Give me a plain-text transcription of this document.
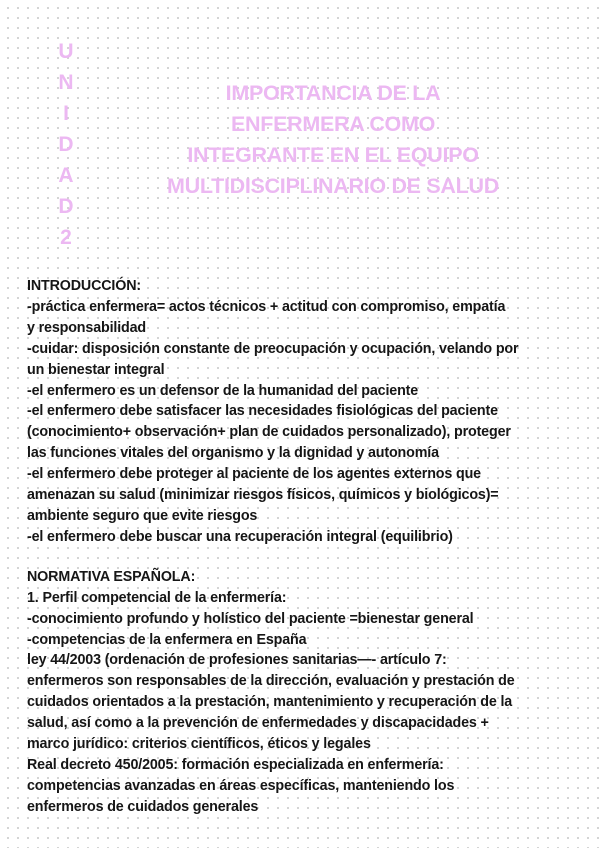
U
N
I
D
A
D
2
IMPORTANCIA DE LA
ENFERMERA COMO
INTEGRANTE EN EL EQUIPO
MULTIDISCIPLINARIO DE SALUD
INTRODUCCIÓN:
-práctica enfermera= actos técnicos + actitud con compromiso, empatía
y responsabilidad
-cuidar: disposición constante de preocupación y ocupación, velando por
un bienestar integral
-el enfermero es un defensor de la humanidad del paciente
-el enfermero debe satisfacer las necesidades fisiológicas del paciente
(conocimiento+ observación+ plan de cuidados personalizado), proteger
las funciones vitales del organismo y la dignidad y autonomía
-el enfermero debe proteger al paciente de los agentes externos que
amenazan su salud (minimizar riesgos físicos, químicos y biológicos)=
ambiente seguro que evite riesgos
-el enfermero debe buscar una recuperación integral (equilibrio)
NORMATIVA ESPAÑOLA:
1. Perfil competencial de la enfermería:
-conocimiento profundo y holístico del paciente =bienestar general
-competencias de la enfermera en España
ley 44/2003 (ordenación de profesiones sanitarias—- artículo 7:
enfermeros son responsables de la dirección, evaluación y prestación de
cuidados orientados a la prestación, mantenimiento y recuperación de la
salud, así como a la prevención de enfermedades y discapacidades +
marco jurídico: criterios científicos, éticos y legales
Real decreto 450/2005: formación especializada en enfermería:
competencias avanzadas en áreas específicas, manteniendo los
enfermeros de cuidados generales
